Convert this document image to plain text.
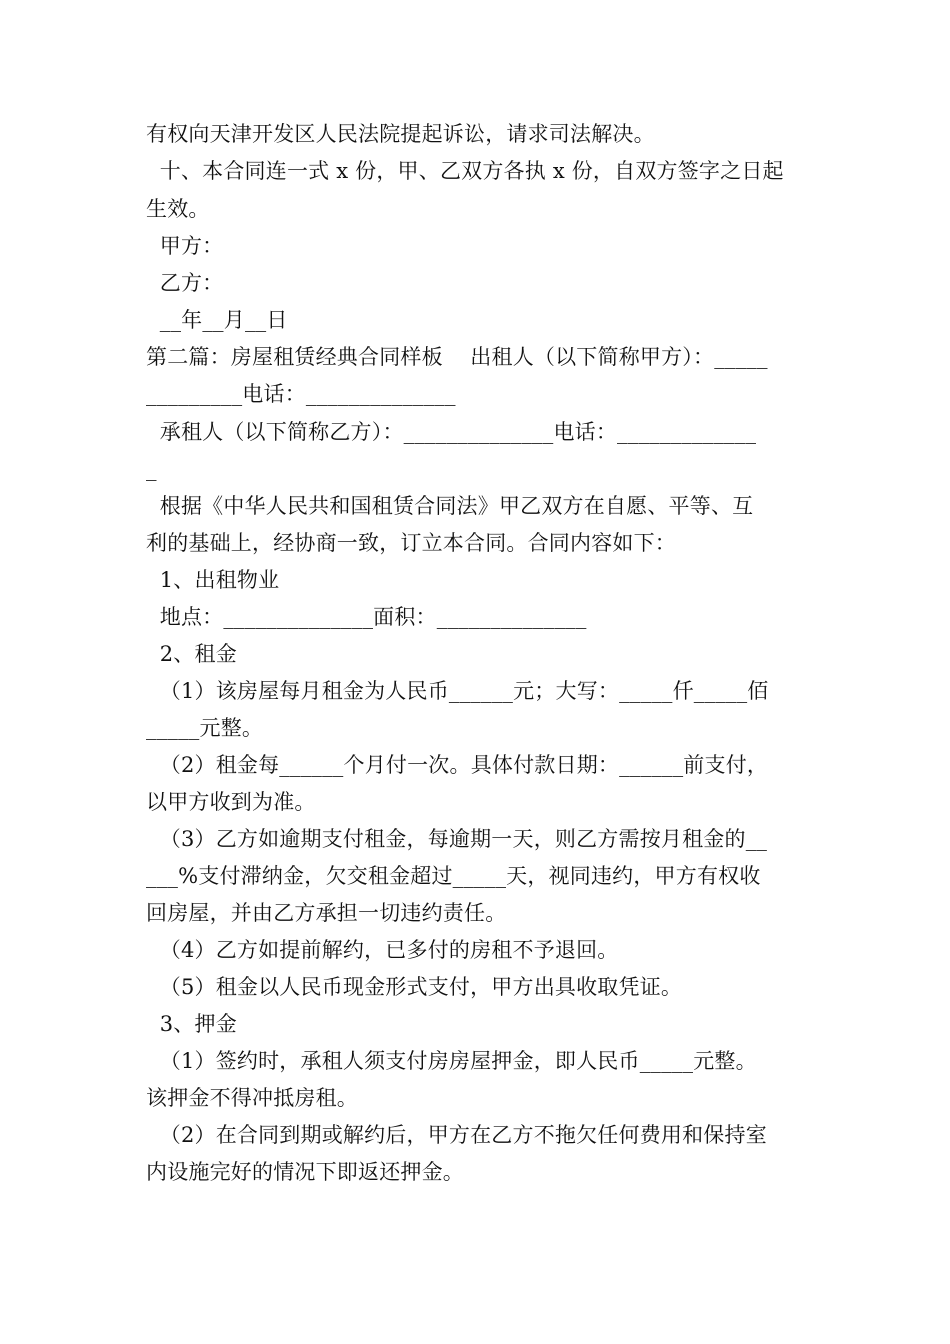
有权向天津开发区人民法院提起诉讼，请求司法解决。
十、本合同连一式 x 份，甲、乙双方各执 x 份，自双方签字之日起
生效。
甲方：
乙方：
__年__月__日
第二篇：房屋租赁经典合同样板    出租人（以下简称甲方）：_____
_________电话：______________
承租人（以下简称乙方）：______________电话：_____________
_
根据《中华人民共和国租赁合同法》甲乙双方在自愿、平等、互
利的基础上，经协商一致，订立本合同。合同内容如下：
1、出租物业
地点：______________面积：______________
2、租金
（1）该房屋每月租金为人民币______元；大写：_____仟_____佰
_____元整。
（2）租金每______个月付一次。具体付款日期：______前支付，
以甲方收到为准。
（3）乙方如逾期支付租金，每逾期一天，则乙方需按月租金的__
___%支付滞纳金，欠交租金超过_____天，视同违约，甲方有权收
回房屋，并由乙方承担一切违约责任。
（4）乙方如提前解约，已多付的房租不予退回。
（5）租金以人民币现金形式支付，甲方出具收取凭证。
3、押金
（1）签约时，承租人须支付房房屋押金，即人民币_____元整。
该押金不得冲抵房租。
（2）在合同到期或解约后，甲方在乙方不拖欠任何费用和保持室
内设施完好的情况下即返还押金。
